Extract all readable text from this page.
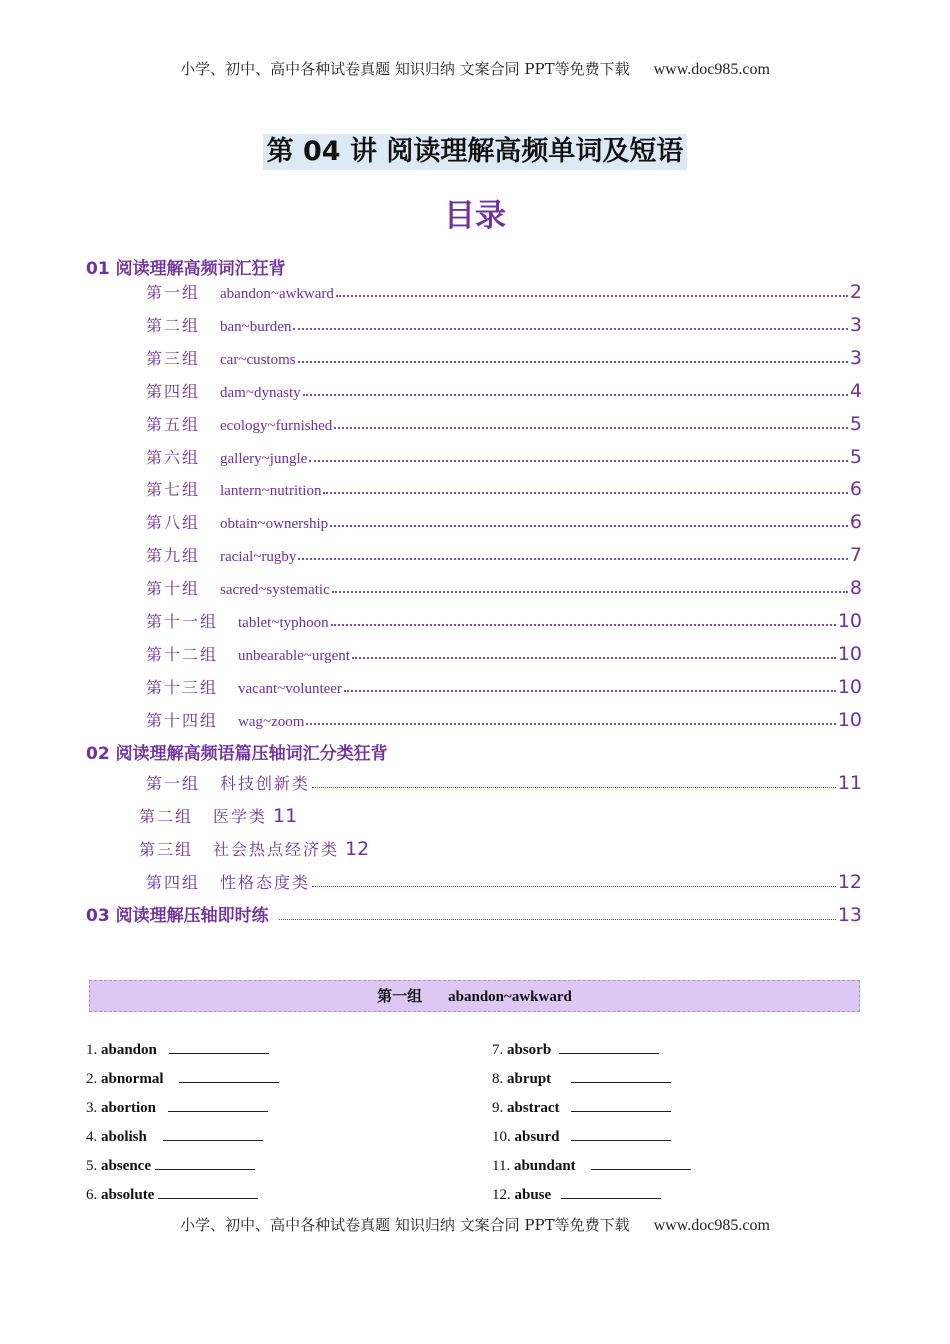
小学、初中、高中各种试卷真题 知识归纳 文案合同 PPT等免费下载 www.doc985.com
第 04 讲 阅读理解高频单词及短语
目录
01 阅读理解高频词汇狂背
第一组 abandon~awkward	2
第二组 ban~burden	3
第三组 car~customs	3
第四组 dam~dynasty	4
第五组 ecology~furnished	5
第六组 gallery~jungle	5
第七组 lantern~nutrition	6
第八组 obtain~ownership	6
第九组 racial~rugby	7
第十组 sacred~systematic	8
第十一组 tablet~typhoon	10
第十二组 unbearable~urgent	10
第十三组 vacant~volunteer	10
第十四组 wag~zoom	10
02 阅读理解高频语篇压轴词汇分类狂背
第一组 科技创新类	11
第二组 医学类 11
第三组 社会热点经济类 12
第四组 性格态度类	12
03 阅读理解压轴即时练	13
第一组 abandon~awkward
1. abandon
2. abnormal
3. abortion
4. abolish
5. absence
6. absolute
7. absorb
8. abrupt
9. abstract
10. absurd
11. abundant
12. abuse
小学、初中、高中各种试卷真题 知识归纳 文案合同 PPT等免费下载 www.doc985.com
